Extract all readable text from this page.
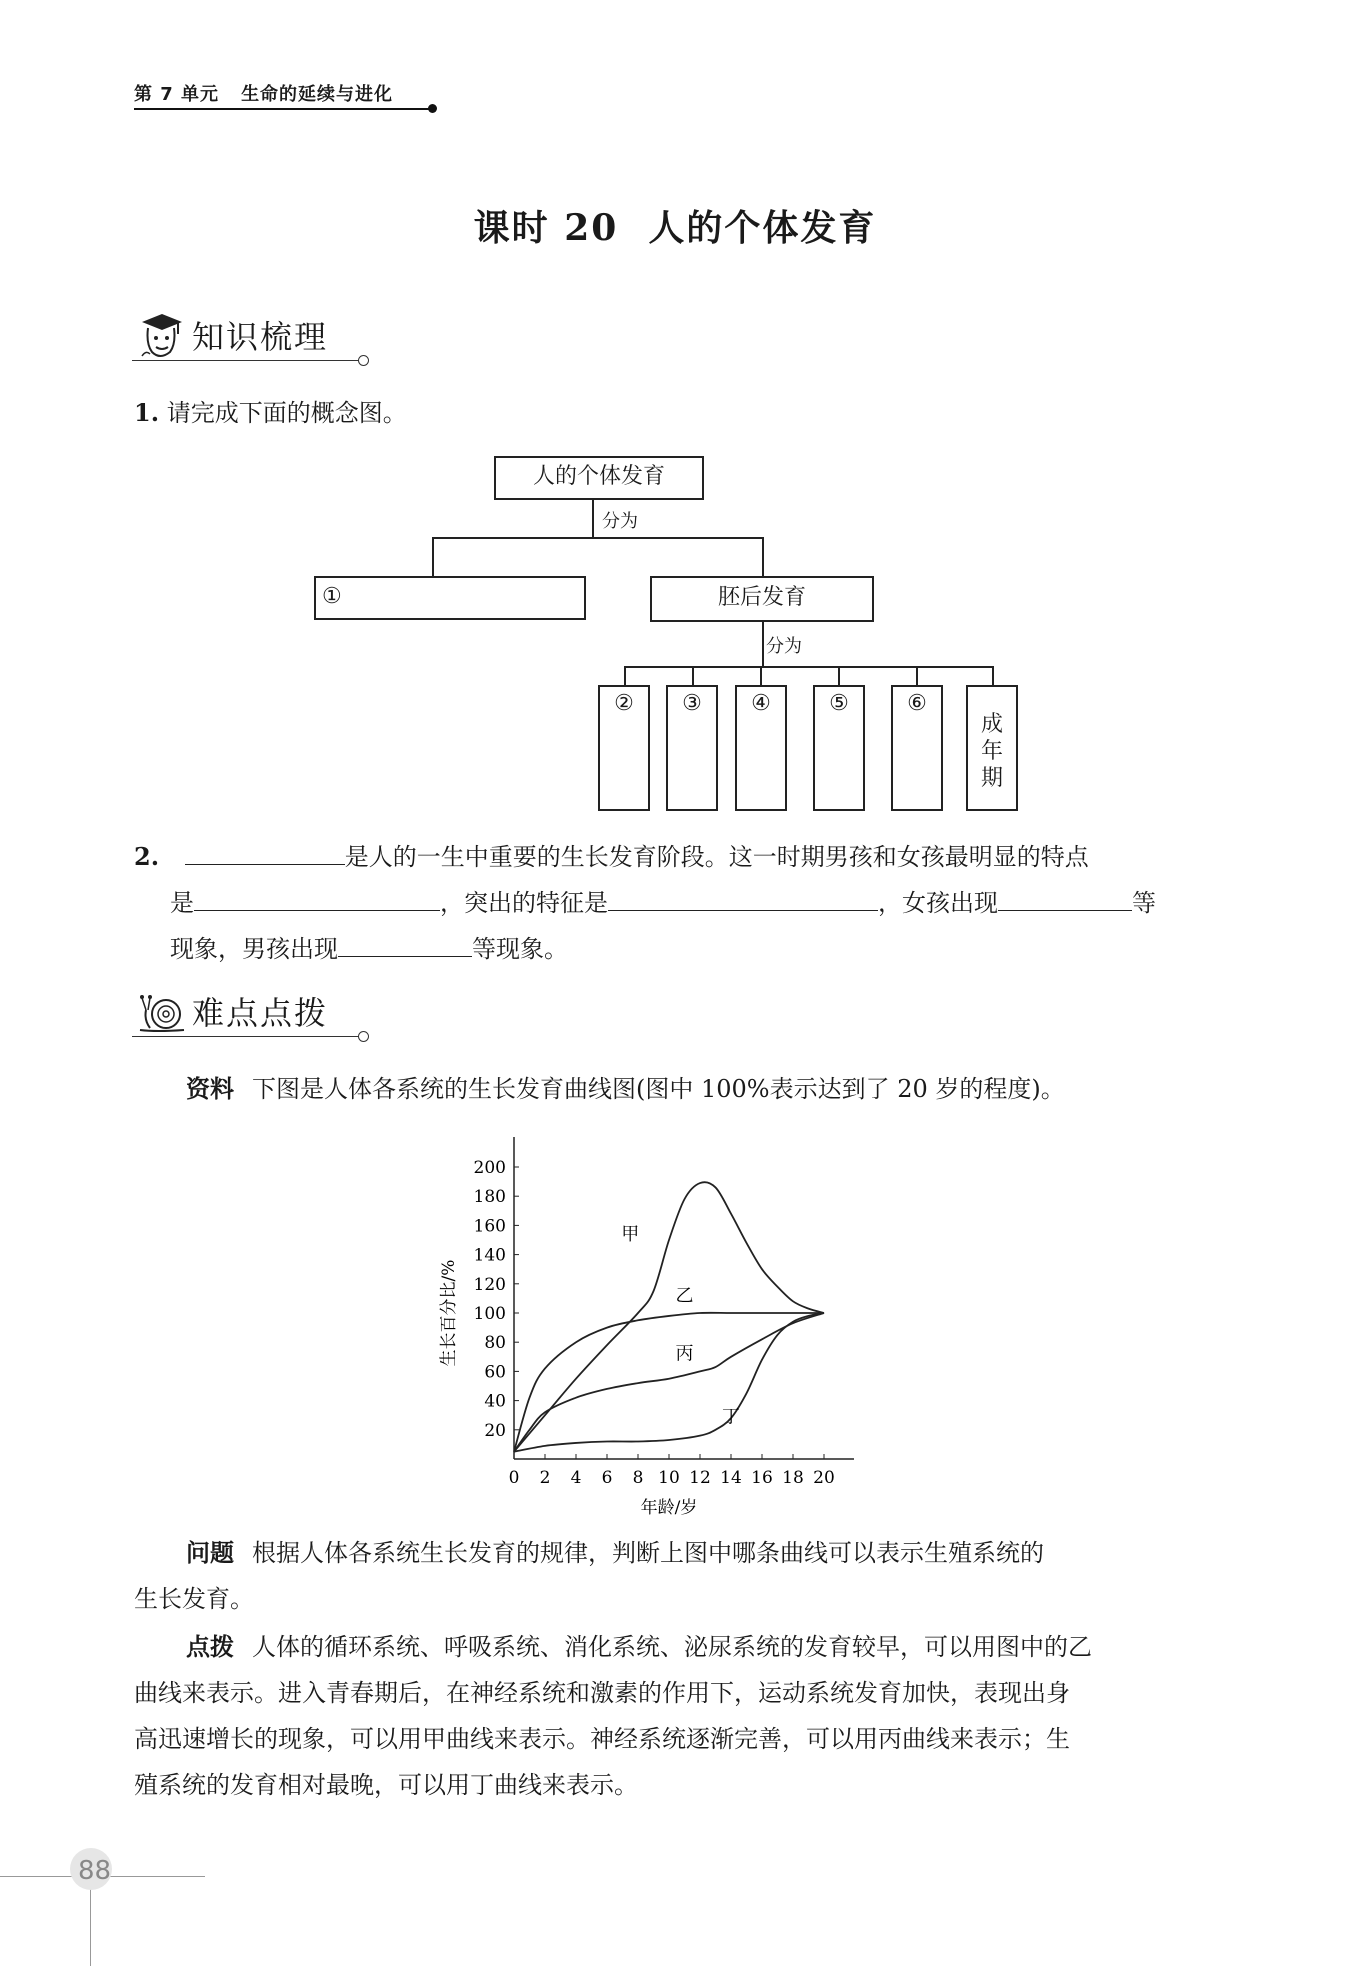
第 7 单元 生命的延续与进化
课时 20 人的个体发育
知识梳理
1. 请完成下面的概念图。
人的个体发育
分为
①	胚后发育
分为
②	③	④	⑤	⑥
成
年
期
2.	是人的一生中重要的生长发育阶段。这一时期男孩和女孩最明显的特点
是	，突出的特征是	，女孩出现	等
现象，男孩出现	等现象。
难点点拨
资料 下图是人体各系统的生长发育曲线图(图中 100%表示达到了 20 岁的程度)。
0 2 4 6 8 10 12 14 16 18 20
20
40
60
80
100
120
140
160
180
200
年龄/岁
生长百分比/%
甲
乙
丙
丁
问题 根据人体各系统生长发育的规律，判断上图中哪条曲线可以表示生殖系统的
生长发育。
点拨 人体的循环系统、呼吸系统、消化系统、泌尿系统的发育较早，可以用图中的乙
曲线来表示。进入青春期后，在神经系统和激素的作用下，运动系统发育加快，表现出身
高迅速增长的现象，可以用甲曲线来表示。神经系统逐渐完善，可以用丙曲线来表示；生
殖系统的发育相对最晚，可以用丁曲线来表示。
88
